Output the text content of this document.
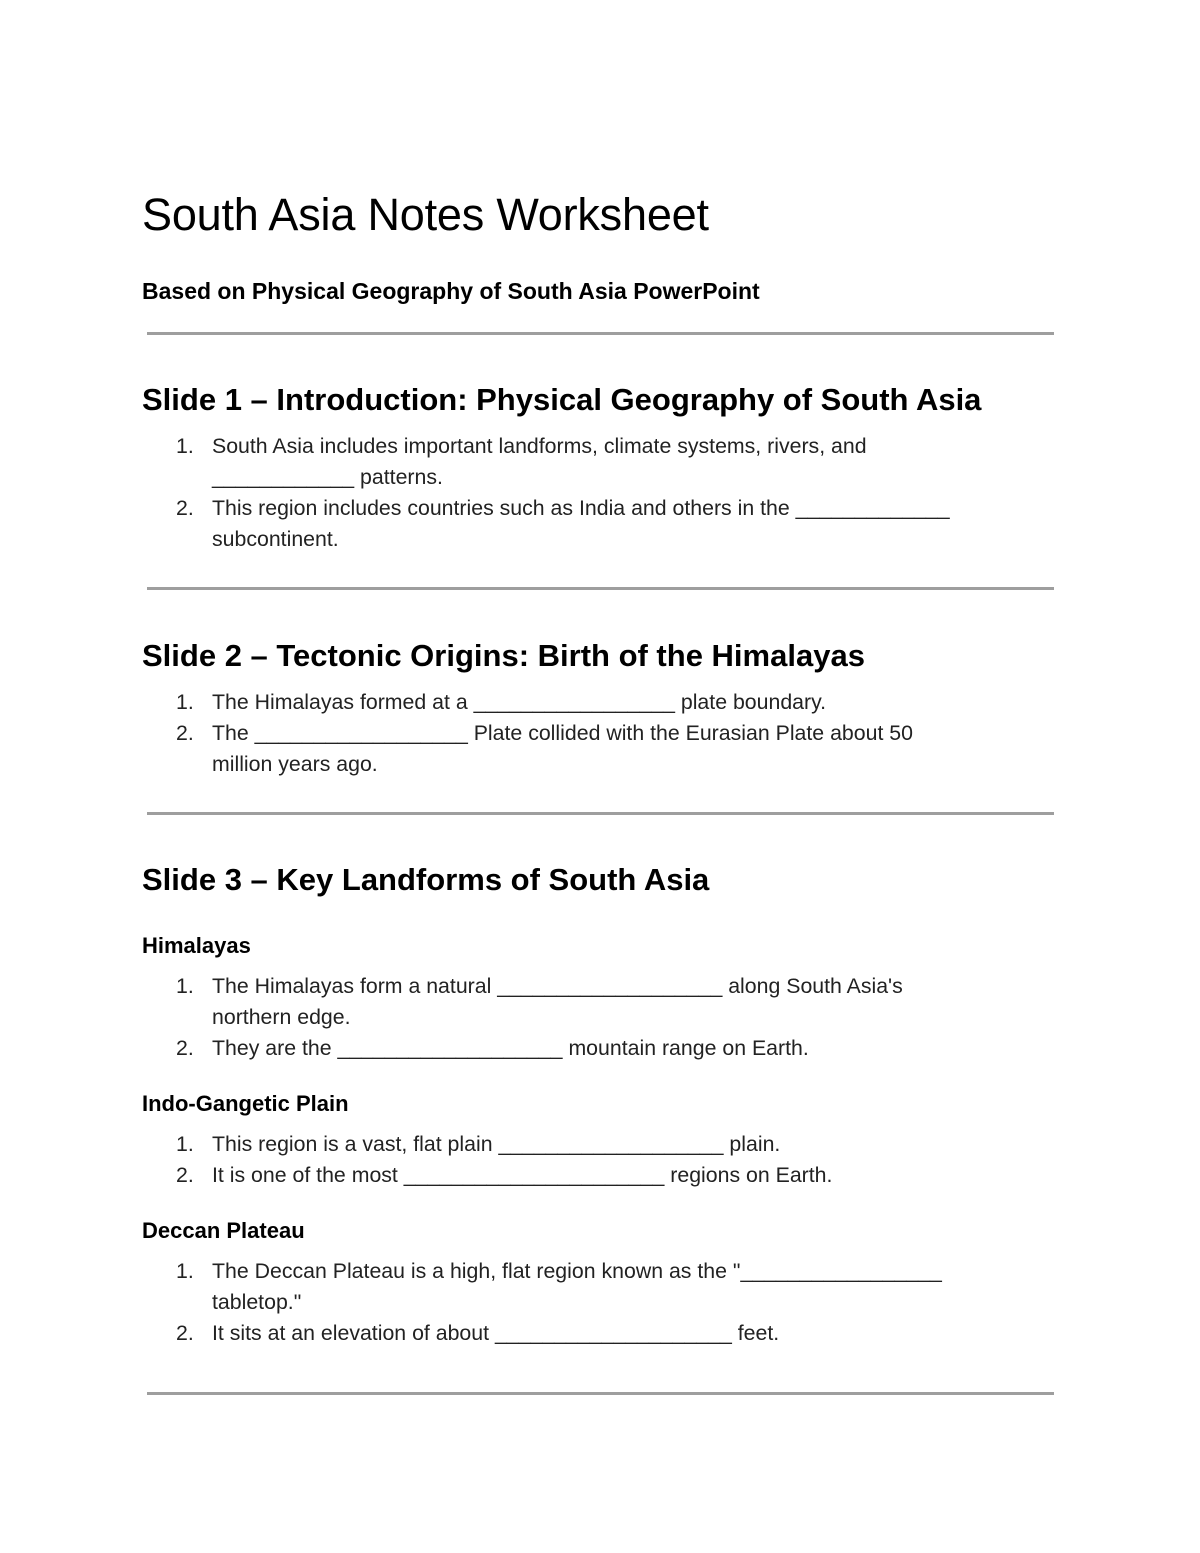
South Asia Notes Worksheet

Based on Physical Geography of South Asia PowerPoint

Slide 1 – Introduction: Physical Geography of South Asia
1. South Asia includes important landforms, climate systems, rivers, and
____________ patterns.
2. This region includes countries such as India and others in the _____________
subcontinent.
Slide 2 – Tectonic Origins: Birth of the Himalayas
1. The Himalayas formed at a _________________ plate boundary.
2. The __________________ Plate collided with the Eurasian Plate about 50
million years ago.
Slide 3 – Key Landforms of South Asia
Himalayas
1. The Himalayas form a natural ___________________ along South Asia's
northern edge.
2. They are the ___________________ mountain range on Earth.
Indo-Gangetic Plain
1. This region is a vast, flat plain ___________________ plain.
2. It is one of the most ______________________ regions on Earth.
Deccan Plateau
1. The Deccan Plateau is a high, flat region known as the "_________________
tabletop."
2. It sits at an elevation of about ____________________ feet.
